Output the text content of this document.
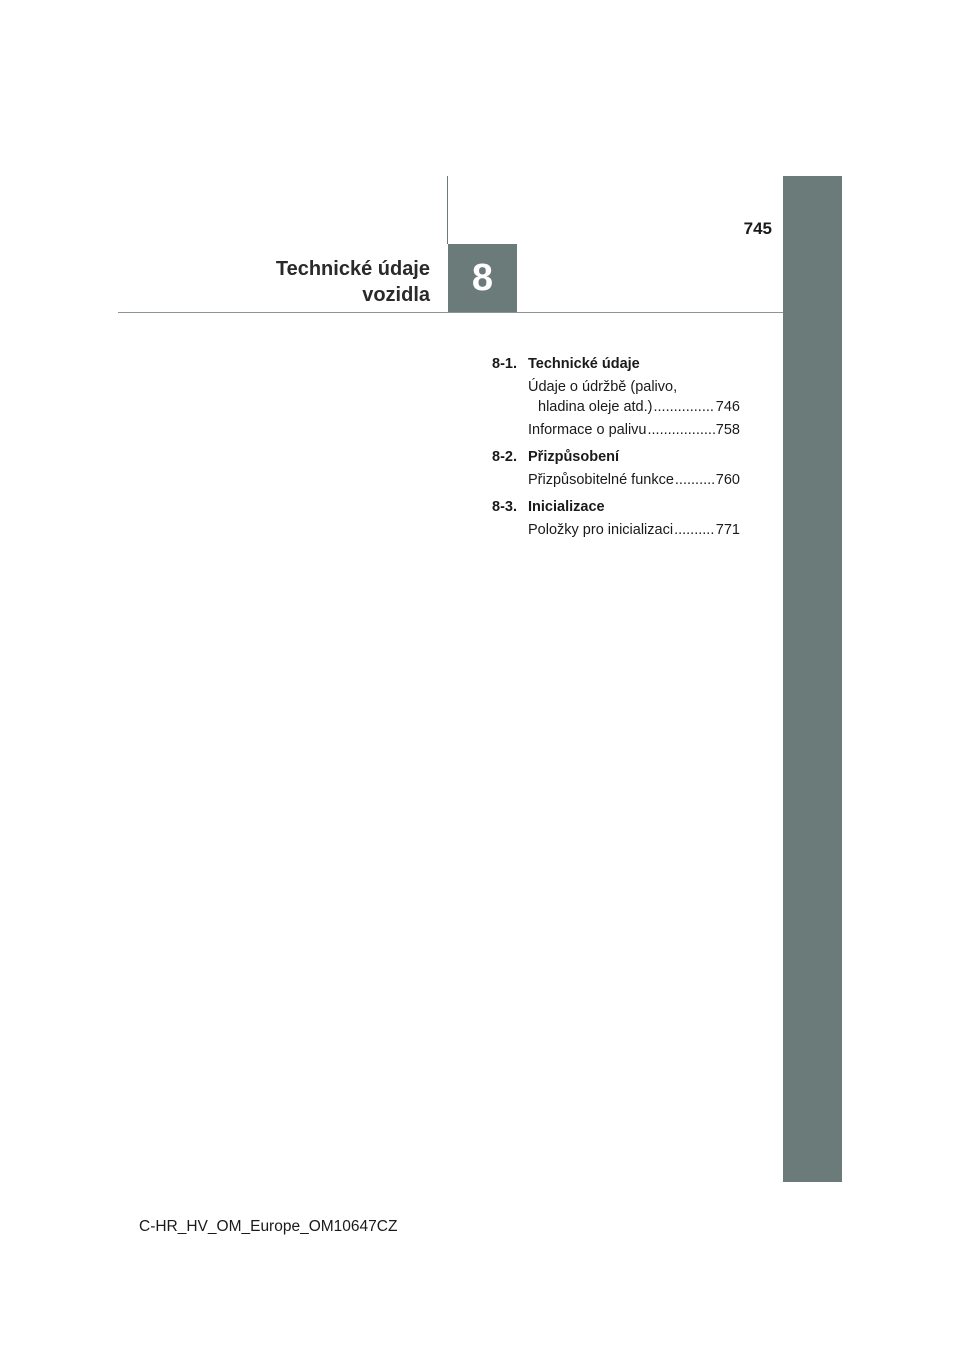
8
745
Technické údaje
vozidla
8-1. Technické údaje
Údaje o údržbě (palivo,
hladina oleje atd.) .....	746
Informace o palivu .....	758
8-2. Přizpůsobení
Přizpůsobitelné funkce .....	760
8-3. Inicializace
Položky pro inicializaci .....	771
C-HR_HV_OM_Europe_OM10647CZ
